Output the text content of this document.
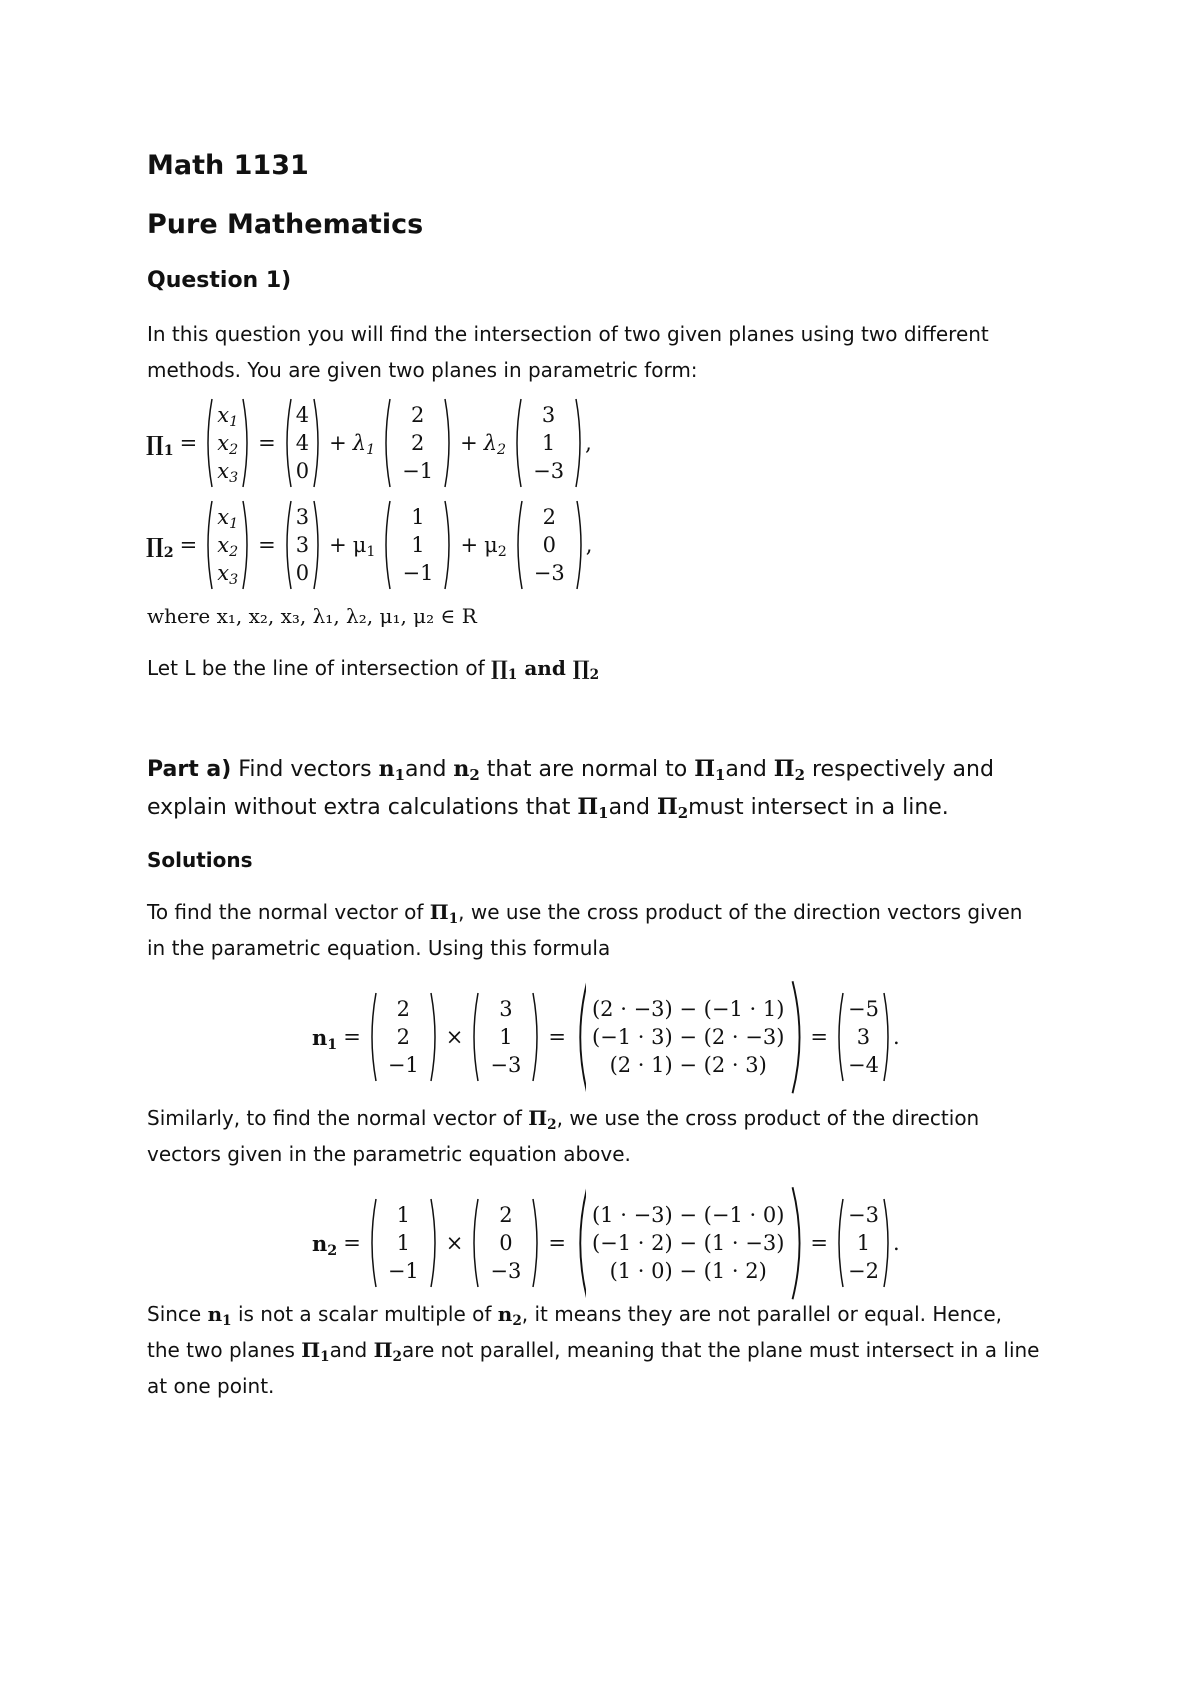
Math 1131
Pure Mathematics
Question 1)
In this question you will find the intersection of two given planes using two different
methods. You are given two planes in parametric form:
$\prod_1$ =
$x_1$
$x_2$
$x_3$
=
4
4
0
+ $\lambda_1$
2
2
−1
+ $\lambda_2$
3
1
−3
,
$\prod_2$ =
$x_1$
$x_2$
$x_3$
=
3
3
0
+ $\mu_1$
1
1
−1
+ $\mu_2$
2
0
−3
,
where x₁, x₂, x₃, λ₁, λ₂, μ₁, μ₂ ∈ R
Let L be the line of intersection of $\prod_1$ and $\prod_2$
Part a) Find vectors $n_1and$ $n_2$ that are normal to $\Pi_1and$ $\Pi_2$ respectively and
explain without extra calculations that $\Pi_1and$ $\Pi_2must$ intersect in a line.
Solutions
To find the normal vector of $\Pi_1$, we use the cross product of the direction vectors given
in the parametric equation. Using this formula
$n_1$ =
2
2
−1
×
3
1
−3
=
(2 · −3) − (−1 · 1)
(−1 · 3) − (2 · −3)
(2 · 1) − (2 · 3)
=
−5
3
−4
.
Similarly, to find the normal vector of $\Pi_2$, we use the cross product of the direction
vectors given in the parametric equation above.
$n_2$ =
1
1
−1
×
2
0
−3
=
(1 · −3) − (−1 · 0)
(−1 · 2) − (1 · −3)
(1 · 0) − (1 · 2)
=
−3
1
−2
.
Since $n_1$ is not a scalar multiple of $n_2$, it means they are not parallel or equal. Hence,
the two planes $\Pi_1and$ $\Pi_2are$ not parallel, meaning that the plane must intersect in a line
at one point.
